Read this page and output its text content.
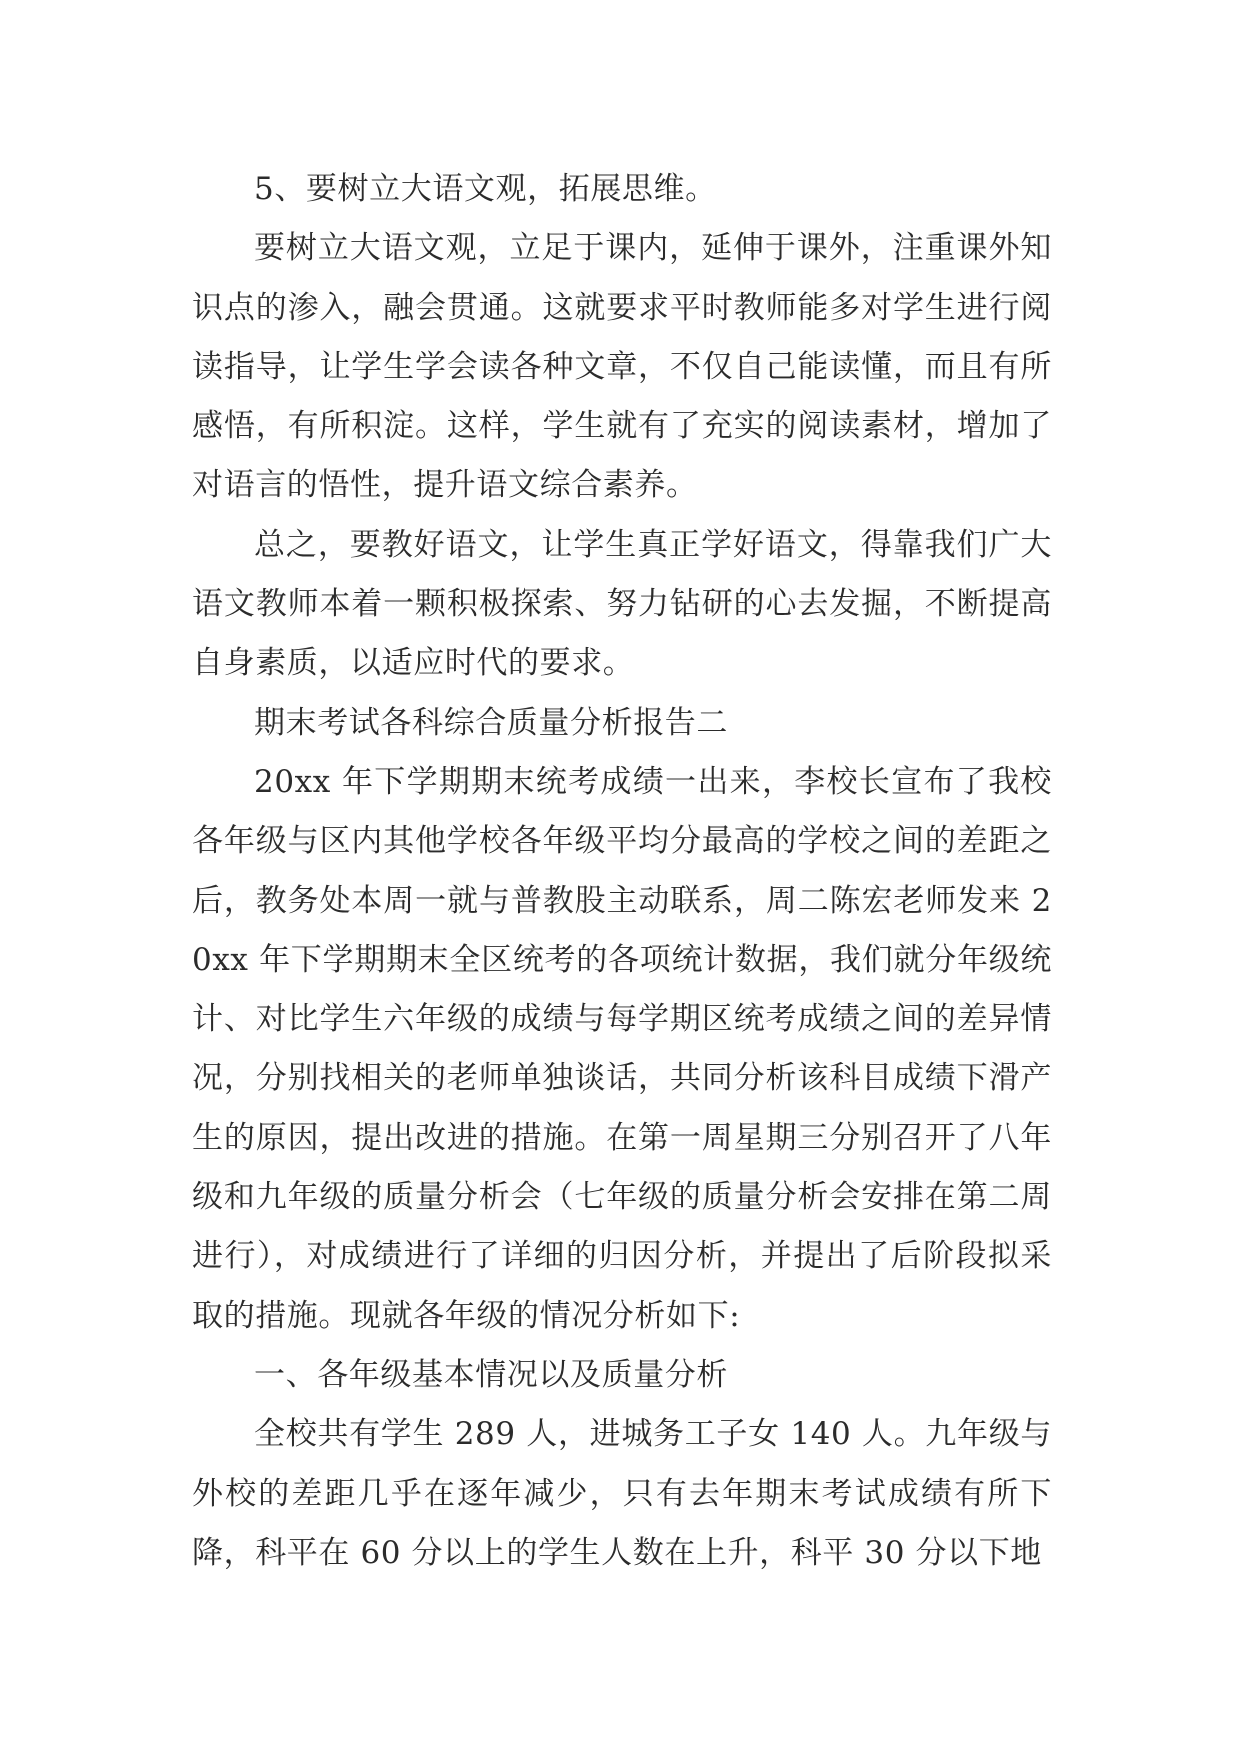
5、要树立大语文观，拓展思维。

要树立大语文观，立足于课内，延伸于课外，注重课外知识点的渗入，融会贯通。这就要求平时教师能多对学生进行阅读指导，让学生学会读各种文章，不仅自己能读懂，而且有所感悟，有所积淀。这样，学生就有了充实的阅读素材，增加了对语言的悟性，提升语文综合素养。

总之，要教好语文，让学生真正学好语文，得靠我们广大语文教师本着一颗积极探索、努力钻研的心去发掘，不断提高自身素质，以适应时代的要求。

期末考试各科综合质量分析报告二

20xx 年下学期期末统考成绩一出来，李校长宣布了我校各年级与区内其他学校各年级平均分最高的学校之间的差距之后，教务处本周一就与普教股主动联系，周二陈宏老师发来 20xx 年下学期期末全区统考的各项统计数据，我们就分年级统计、对比学生六年级的成绩与每学期区统考成绩之间的差异情况，分别找相关的老师单独谈话，共同分析该科目成绩下滑产生的原因，提出改进的措施。在第一周星期三分别召开了八年级和九年级的质量分析会（七年级的质量分析会安排在第二周进行），对成绩进行了详细的归因分析，并提出了后阶段拟采取的措施。现就各年级的情况分析如下:

一、各年级基本情况以及质量分析

全校共有学生 289 人，进城务工子女 140 人。九年级与外校的差距几乎在逐年减少，只有去年期末考试成绩有所下降，科平在 60 分以上的学生人数在上升，科平 30 分以下地
